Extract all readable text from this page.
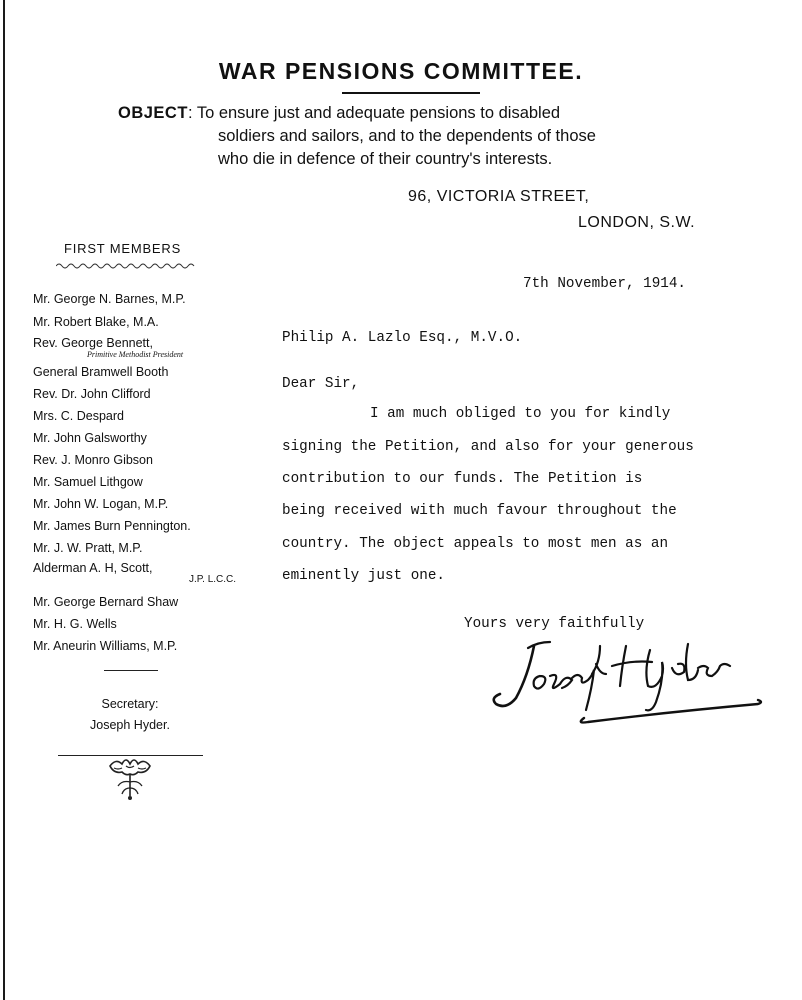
WAR PENSIONS COMMITTEE.
OBJECT: To ensure just and adequate pensions to disabled
soldiers and sailors, and to the dependents of those
who die in defence of their country's interests.
96, VICTORIA STREET,
LONDON, S.W.
FIRST MEMBERS
Mr. George N. Barnes, M.P.
Mr. Robert Blake, M.A.
Rev. George Bennett,
Primitive Methodist President
General Bramwell Booth
Rev. Dr. John Clifford
Mrs. C. Despard
Mr. John Galsworthy
Rev. J. Monro Gibson
Mr. Samuel Lithgow
Mr. John W. Logan, M.P.
Mr. James Burn Pennington.
Mr. J. W. Pratt, M.P.
Alderman A. H, Scott,
J.P. L.C.C.
Mr. George Bernard Shaw
Mr. H. G. Wells
Mr. Aneurin Williams, M.P.
Secretary:
Joseph Hyder.
7th November, 1914.
Philip A. Lazlo Esq., M.V.O.
Dear Sir,
I am much obliged to you for kindly
signing the Petition, and also for your generous
contribution to our funds. The Petition is
being received with much favour throughout the
country. The object appeals to most men as an
eminently just one.
Yours very faithfully
